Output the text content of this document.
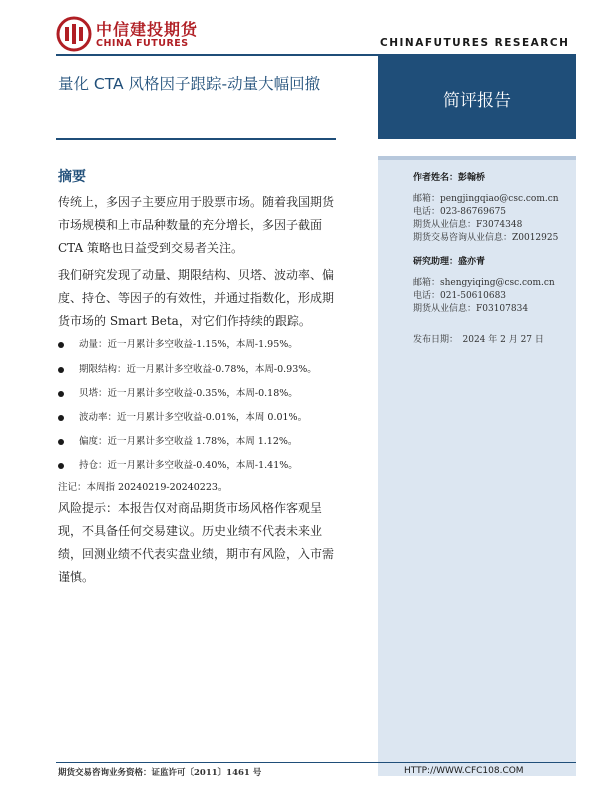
中信建投期货
CHINA FUTURES	CHINAFUTURES RESEARCH
量化 CTA 风格因子跟踪-动量大幅回撤
简评报告
作者姓名：彭翰桥
邮箱：pengjingqiao@csc.com.cn
电话：023-86769675
期货从业信息：F3074348
期货交易咨询从业信息：Z0012925
研究助理：盛亦青
邮箱：shengyiqing@csc.com.cn
电话：021-50610683
期货从业信息：F03107834
发布日期：　2024 年 2 月 27 日
摘要
传统上，多因子主要应用于股票市场。随着我国期货市场规模和上市品种数量的充分增长，多因子截面 CTA 策略也日益受到交易者关注。
我们研究发现了动量、期限结构、贝塔、波动率、偏度、持仓、等因子的有效性，并通过指数化，形成期货市场的 Smart Beta，对它们作持续的跟踪。
动量：近一月累计多空收益-1.15%，本周-1.95%。
期限结构：近一月累计多空收益-0.78%，本周-0.93%。
贝塔：近一月累计多空收益-0.35%，本周-0.18%。
波动率：近一月累计多空收益-0.01%，本周 0.01%。
偏度：近一月累计多空收益 1.78%，本周 1.12%。
持仓：近一月累计多空收益-0.40%，本周-1.41%。
注记：本周指 20240219-20240223。
风险提示：本报告仅对商品期货市场风格作客观呈现，不具备任何交易建议。历史业绩不代表未来业绩，回测业绩不代表实盘业绩，期市有风险，入市需谨慎。
期货交易咨询业务资格：证监许可〔2011〕1461 号	HTTP://WWW.CFC108.COM
